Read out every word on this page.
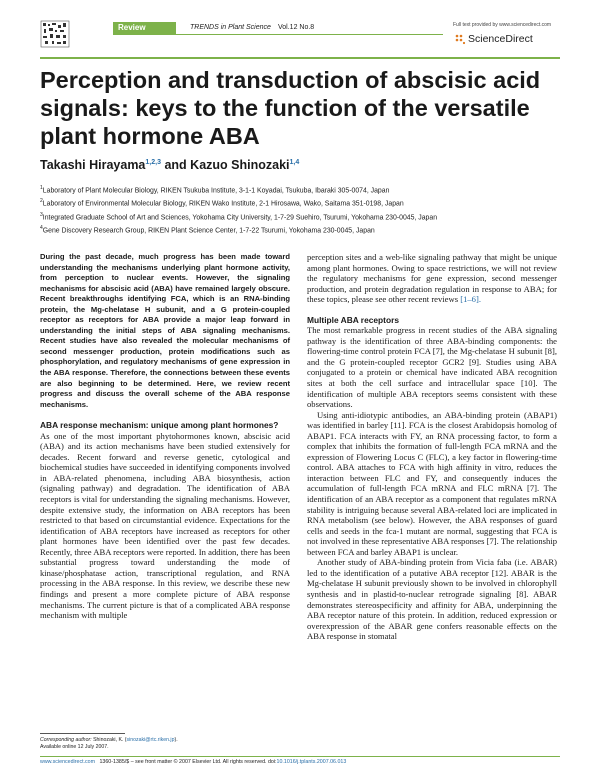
Review	TRENDS in Plant Science Vol.12 No.8	Full text provided by www.sciencedirect.com
ScienceDirect
Perception and transduction of abscisic acid signals: keys to the function of the versatile plant hormone ABA
Takashi Hirayama$^{1,2,3}$ and Kazuo Shinozaki$^{1,4}$
$^1$Laboratory of Plant Molecular Biology, RIKEN Tsukuba Institute, 3-1-1 Koyadai, Tsukuba, Ibaraki 305-0074, Japan
$^2$Laboratory of Environmental Molecular Biology, RIKEN Wako Institute, 2-1 Hirosawa, Wako, Saitama 351-0198, Japan
$^3$Integrated Graduate School of Art and Sciences, Yokohama City University, 1-7-29 Suehiro, Tsurumi, Yokohama 230-0045, Japan
$^4$Gene Discovery Research Group, RIKEN Plant Science Center, 1-7-22 Tsurumi, Yokohama 230-0045, Japan

During the past decade, much progress has been made toward understanding the mechanisms underlying plant hormone activity, from perception to nuclear events. However, the signaling mechanisms for abscisic acid (ABA) have remained largely obscure. Recent breakthroughs identifying FCA, which is an RNA-binding protein, the Mg-chelatase H subunit, and a G protein-coupled receptor as receptors for ABA provide a major leap forward in understanding the initial steps of ABA signaling mechanisms. Recent studies have also revealed the molecular mechanisms of second messenger production, protein modifications such as phosphorylation, and regulatory mechanisms of gene expression in the ABA response. Therefore, the connections between these events are also beginning to be determined. Here, we review recent progress and discuss the overall scheme of the ABA response mechanisms.

ABA response mechanism: unique among plant hormones?

As one of the most important phytohormones known, abscisic acid (ABA) and its action mechanisms have been studied extensively for decades. Recent forward and reverse genetic, cytological and biochemical studies have succeeded in identifying components involved in ABA-related phenomena, including ABA biosynthesis, action (signaling pathway) and degradation. The identification of ABA receptors is vital for understanding the signaling mechanisms. However, despite extensive study, the information on ABA receptors has been restricted to that based on circumstantial evidence. Expectations for the identification of ABA receptors have increased as receptors for other plant hormones have been identified over the past few decades. Recently, three ABA receptors were reported. In addition, there has been substantial progress toward understanding the mode of kinase/phosphatase action, transcriptional regulation, and RNA processing in the ABA response. In this review, we describe these new findings and present a more complete picture of ABA response mechanisms. The current picture is that of a complicated ABA response mechanism with multiple

perception sites and a web-like signaling pathway that might be unique among plant hormones. Owing to space restrictions, we will not review the regulatory mechanisms for gene expression, second messenger production, and protein degradation regulation in response to ABA; for these topics, please see other recent reviews [1–6].

Multiple ABA receptors

The most remarkable progress in recent studies of the ABA signaling pathway is the identification of three ABA-binding components: the flowering-time control protein FCA [7], the Mg-chelatase H subunit [8], and the G protein-coupled receptor GCR2 [9]. Studies using ABA conjugated to a protein or chemical have indicated ABA recognition sites at both the cell surface and intracellular space [10]. The identification of multiple ABA receptors seems consistent with these observations.

Using anti-idiotypic antibodies, an ABA-binding protein (ABAP1) was identified in barley [11]. FCA is the closest Arabidopsis homolog of ABAP1. FCA interacts with FY, an RNA processing factor, to form a complex that inhibits the formation of full-length FCA mRNA and the expression of Flowering Locus C (FLC), a key factor in flowering-time control. ABA attaches to FCA with high affinity in vitro, reduces the interaction between FLC and FY, and consequently induces the accumulation of full-length FCA mRNA and FLC mRNA [7]. The identification of an ABA receptor as a component that regulates mRNA stability is intriguing because several ABA-related loci are implicated in RNA metabolism (see below). However, the ABA responses of guard cells and seeds in the fca-1 mutant are normal, suggesting that FCA is not involved in these representative ABA responses [7]. The relationship between FCA and barley ABAP1 is unclear.

Another study of ABA-binding protein from Vicia faba (i.e. ABAR) led to the identification of a putative ABA receptor [12]. ABAR is the Mg-chelatase H subunit previously shown to be involved in chlorophyll synthesis and in plastid-to-nuclear retrograde signaling [8]. ABAR demonstrates stereospecificity and affinity for ABA, underpinning the ABA receptor nature of this protein. In addition, reduced expression or overexpression of the ABAR gene confers reasonable effects on the ABA response in stomatal

Corresponding author: Shinozaki, K. (sinozaki@rtc.riken.jp).
Available online 12 July 2007.
www.sciencedirect.com 1360-1385/$ – see front matter © 2007 Elsevier Ltd. All rights reserved. doi:10.1016/j.tplants.2007.06.013
